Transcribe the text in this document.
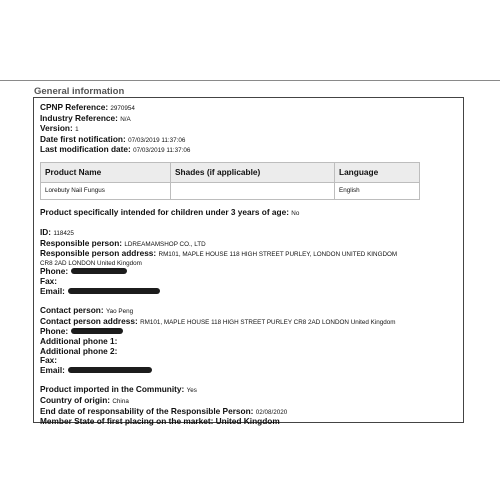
General information
CPNP Reference: 2970954
Industry Reference: N/A
Version: 1
Date first notification: 07/03/2019 11:37:06
Last modification date: 07/03/2019 11:37:06
Product Name	Shades (if applicable)	Language
Lorebuty Nail Fungus		English
Product specifically intended for children under 3 years of age: No
ID: 118425
Responsible person: LDREAMAMSHOP CO., LTD
Responsible person address: RM101, MAPLE HOUSE 118 HIGH STREET PURLEY, LONDON UNITED KINGDOM
CR8 2AD LONDON United Kingdom
Phone:
Fax:
Email:
Contact person: Yao Peng
Contact person address: RM101, MAPLE HOUSE 118 HIGH STREET PURLEY CR8 2AD LONDON United Kingdom
Phone:
Additional phone 1:
Additional phone 2:
Fax:
Email:
Product imported in the Community: Yes
Country of origin: China
End date of responsability of the Responsible Person: 02/08/2020
Member State of first placing on the market: United Kingdom
